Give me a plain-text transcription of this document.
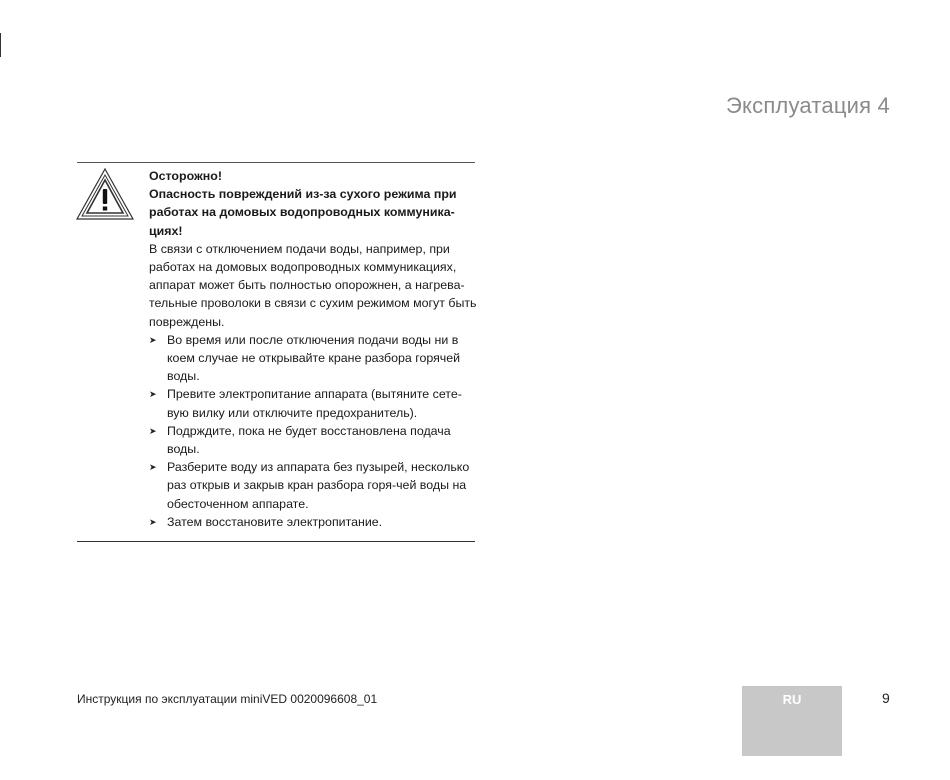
Эксплуатация 4
Осторожно!
Опасность повреждений из-за сухого режима при работах на домовых водопроводных коммуника-циях!

В связи с отключением подачи воды, например, при работах на домовых водопроводных коммуникациях, аппарат может быть полностью опорожнен, а нагрева-тельные проволоки в связи с сухим режимом могут быть повреждены.

➤ Во время или после отключения подачи воды ни в коем случае не открывайте кране разбора горячей воды.
➤ Превите электропитание аппарата (вытяните сете-вую вилку или отключите предохранитель).
➤ Подрждите, пока не будет восстановлена подача воды.
➤ Разберите воду из аппарата без пузырей, несколько раз открыв и закрыв кран разбора горя-чей воды на обесточенном аппарате.
➤ Затем восстановите электропитание.
Инструкция по эксплуатации miniVED 0020096608_01	RU	9
